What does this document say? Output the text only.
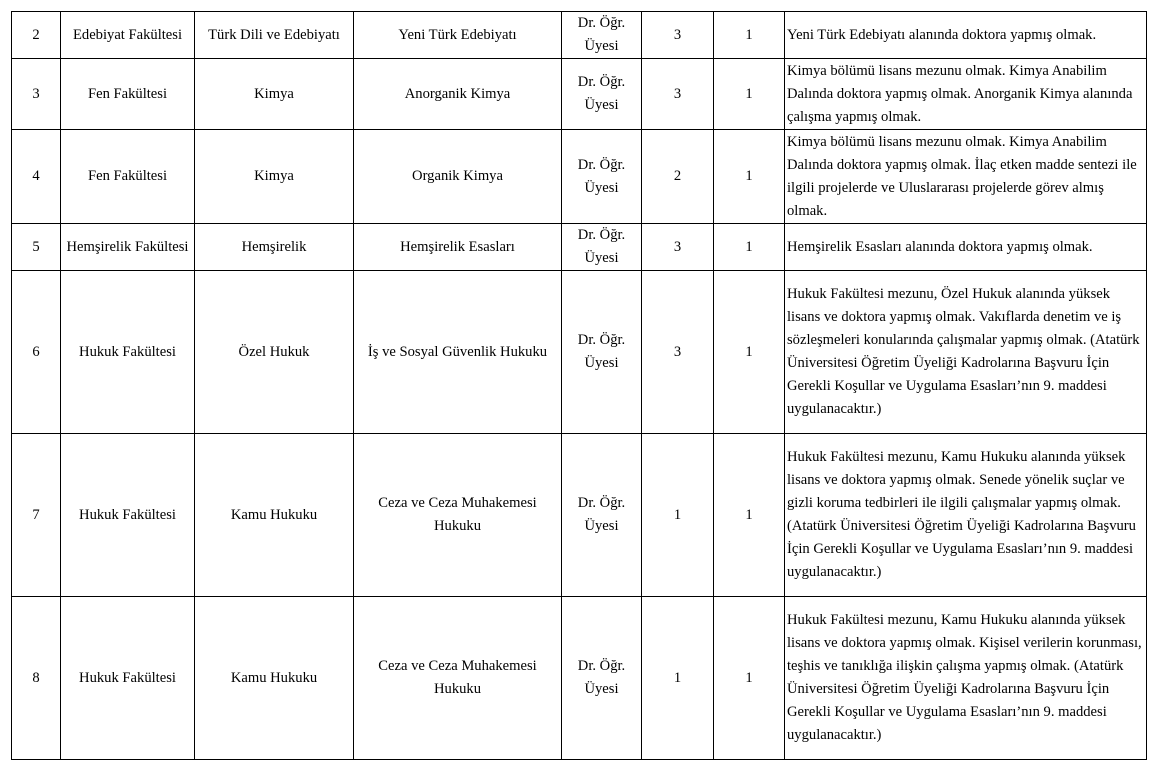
2	Edebiyat Fakültesi	Türk Dili ve Edebiyatı	Yeni Türk Edebiyatı	Dr. Öğr. Üyesi	3	1	Yeni Türk Edebiyatı alanında doktora yapmış olmak.
3	Fen Fakültesi	Kimya	Anorganik Kimya	Dr. Öğr. Üyesi	3	1	Kimya bölümü lisans mezunu olmak. Kimya Anabilim Dalında doktora yapmış olmak. Anorganik Kimya alanında çalışma yapmış olmak.
4	Fen Fakültesi	Kimya	Organik Kimya	Dr. Öğr. Üyesi	2	1	Kimya bölümü lisans mezunu olmak. Kimya Anabilim Dalında doktora yapmış olmak. İlaç etken madde sentezi ile ilgili projelerde ve Uluslararası projelerde görev almış olmak.
5	Hemşirelik Fakültesi	Hemşirelik	Hemşirelik Esasları	Dr. Öğr. Üyesi	3	1	Hemşirelik Esasları alanında doktora yapmış olmak.
6	Hukuk Fakültesi	Özel Hukuk	İş ve Sosyal Güvenlik Hukuku	Dr. Öğr. Üyesi	3	1	Hukuk Fakültesi mezunu, Özel Hukuk alanında yüksek lisans ve doktora yapmış olmak. Vakıflarda denetim ve iş sözleşmeleri konularında çalışmalar yapmış olmak. (Atatürk Üniversitesi Öğretim Üyeliği Kadrolarına Başvuru İçin Gerekli Koşullar ve Uygulama Esasları’nın 9. maddesi uygulanacaktır.)
7	Hukuk Fakültesi	Kamu Hukuku	Ceza ve Ceza Muhakemesi Hukuku	Dr. Öğr. Üyesi	1	1	Hukuk Fakültesi mezunu, Kamu Hukuku alanında yüksek lisans ve doktora yapmış olmak. Senede yönelik suçlar ve gizli koruma tedbirleri ile ilgili çalışmalar yapmış olmak. (Atatürk Üniversitesi Öğretim Üyeliği Kadrolarına Başvuru İçin Gerekli Koşullar ve Uygulama Esasları’nın 9. maddesi uygulanacaktır.)
8	Hukuk Fakültesi	Kamu Hukuku	Ceza ve Ceza Muhakemesi Hukuku	Dr. Öğr. Üyesi	1	1	Hukuk Fakültesi mezunu, Kamu Hukuku alanında yüksek lisans ve doktora yapmış olmak. Kişisel verilerin korunması, teşhis ve tanıklığa ilişkin çalışma yapmış olmak. (Atatürk Üniversitesi Öğretim Üyeliği Kadrolarına Başvuru İçin Gerekli Koşullar ve Uygulama Esasları’nın 9. maddesi uygulanacaktır.)
